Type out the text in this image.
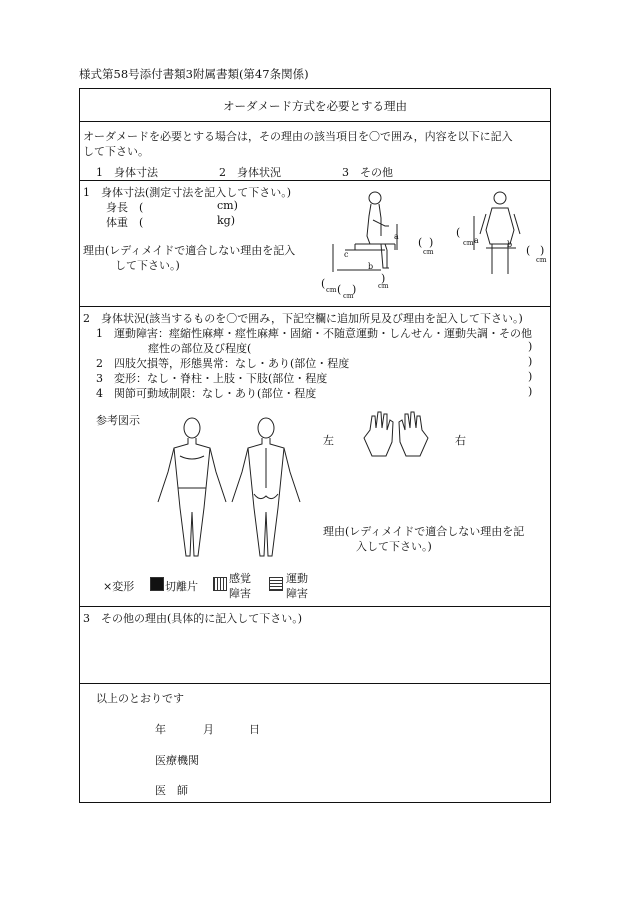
様式第58号添付書類3附属書類(第47条関係)
オーダメード方式を必要とする理由
オーダメードを必要とする場合は，その理由の該当項目を〇で囲み，内容を以下に記入
して下さい。
1　身体寸法	2　身体状況	3　その他
1　身体寸法(測定寸法を記入して下さい。)
身長　(	cm)
体重　(	kg)
理由(レディメイドで適合しない理由を記入
して下さい。)
a
b
c
( )
cm
( cm
)
cm
( )
cm
(
cm a	b ( )
cm
2　身体状況(該当するものを〇で囲み，下記空欄に追加所見及び理由を記入して下さい。)
1　運動障害：痙縮性麻痺・痙性麻痺・固縮・不随意運動・しんせん・運動失調・その他
痙性の部位及び程度(	)
2　四肢欠損等，形態異常：なし・あり(部位・程度	)
3　変形：なし・脊柱・上肢・下肢(部位・程度	)
4　関節可動域制限：なし・あり(部位・程度	)
参考図示
左	右
理由(レディメイドで適合しない理由を記
入して下さい。)
×変形	切離片
感覚
障害
運動
障害
3　その他の理由(具体的に記入して下さい。)
以上のとおりです
年	月	日
医療機関
医　師
